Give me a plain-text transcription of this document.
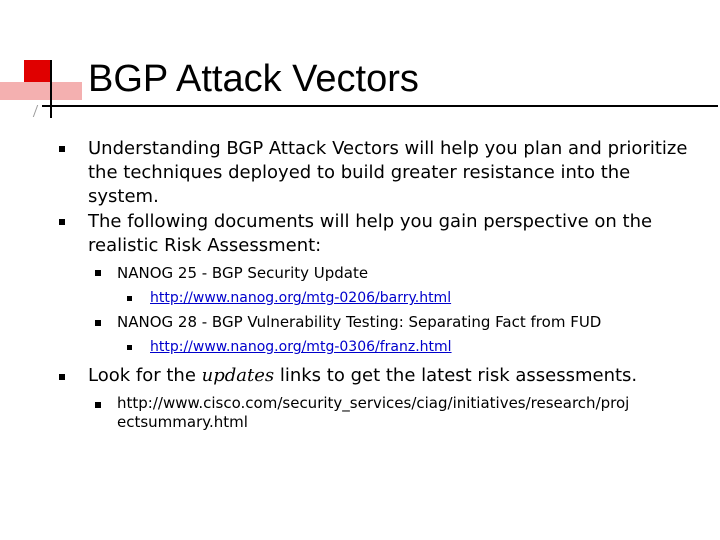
BGP Attack Vectors
Understanding BGP Attack Vectors will help you plan and prioritize
the techniques deployed to build greater resistance into the
system.
The following documents will help you gain perspective on the
realistic Risk Assessment:
NANOG 25 - BGP Security Update
http://www.nanog.org/mtg-0206/barry.html
NANOG 28 - BGP Vulnerability Testing: Separating Fact from FUD
http://www.nanog.org/mtg-0306/franz.html
Look for the updates links to get the latest risk assessments.
http://www.cisco.com/security_services/ciag/initiatives/research/proj
ectsummary.html
